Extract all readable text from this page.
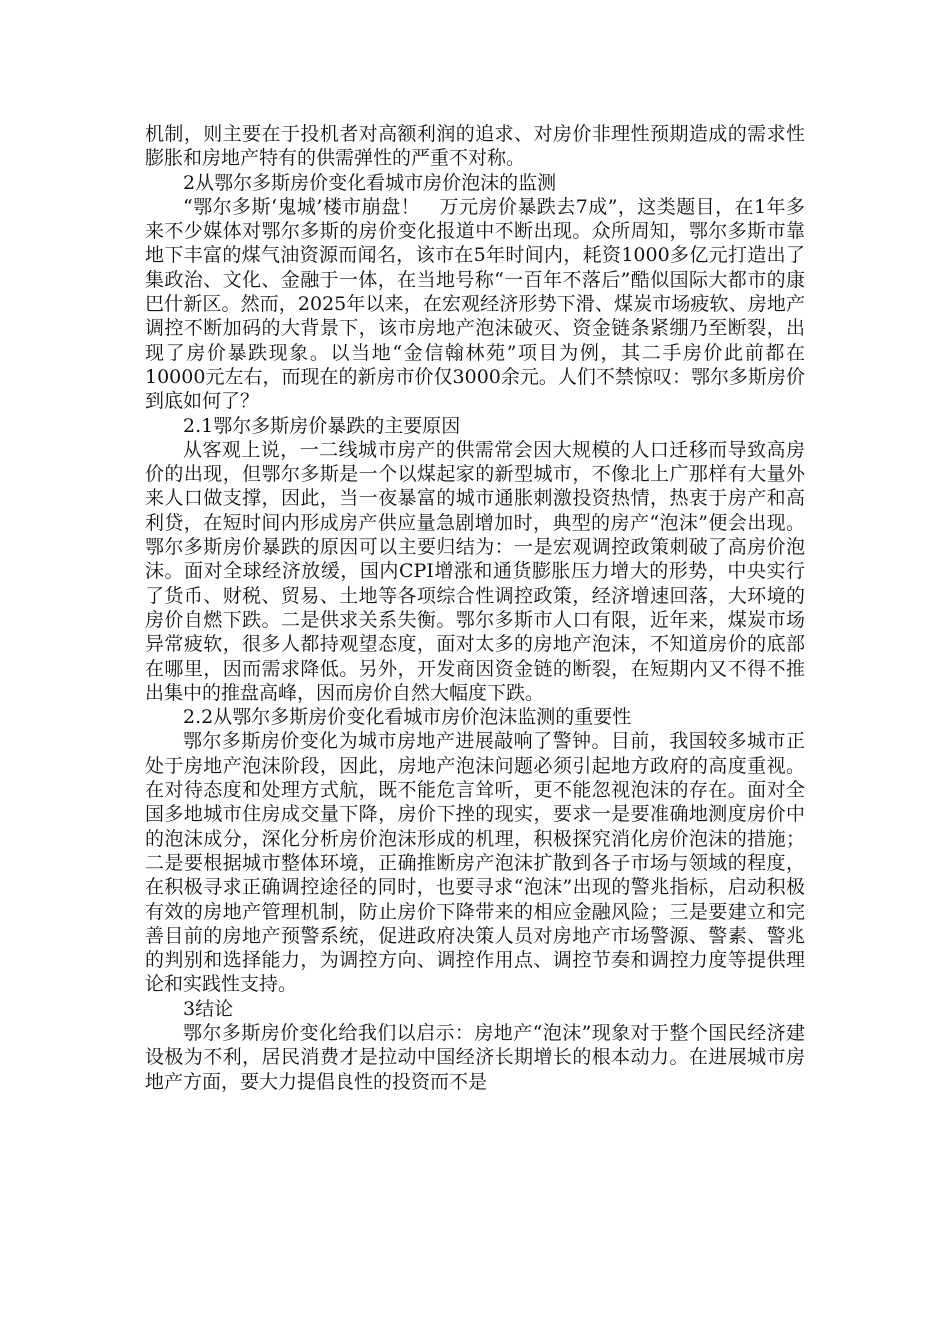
机制，则主要在于投机者对高额利润的追求、对房价非理性预期造成的需求性膨胀和房地产特有的供需弹性的严重不对称。

2从鄂尔多斯房价变化看城市房价泡沫的监测

“鄂尔多斯‘鬼城’楼市崩盘！　万元房价暴跌去7成”，这类题目，在1年多来不少媒体对鄂尔多斯的房价变化报道中不断出现。众所周知，鄂尔多斯市靠地下丰富的煤气油资源而闻名，该市在5年时间内，耗资1000多亿元打造出了集政治、文化、金融于一体，在当地号称“一百年不落后”酷似国际大都市的康巴什新区。然而，2025年以来，在宏观经济形势下滑、煤炭市场疲软、房地产调控不断加码的大背景下，该市房地产泡沫破灭、资金链条紧绷乃至断裂，出现了房价暴跌现象。以当地“金信翰林苑”项目为例，其二手房价此前都在10000元左右，而现在的新房市价仅3000余元。人们不禁惊叹：鄂尔多斯房价到底如何了？

2.1鄂尔多斯房价暴跌的主要原因

从客观上说，一二线城市房产的供需常会因大规模的人口迁移而导致高房价的出现，但鄂尔多斯是一个以煤起家的新型城市，不像北上广那样有大量外来人口做支撑，因此，当一夜暴富的城市通胀刺激投资热情，热衷于房产和高利贷，在短时间内形成房产供应量急剧增加时，典型的房产“泡沫”便会出现。鄂尔多斯房价暴跌的原因可以主要归结为：一是宏观调控政策刺破了高房价泡沫。面对全球经济放缓，国内CPI增涨和通货膨胀压力增大的形势，中央实行了货币、财税、贸易、土地等各项综合性调控政策，经济增速回落，大环境的房价自燃下跌。二是供求关系失衡。鄂尔多斯市人口有限，近年来，煤炭市场异常疲软，很多人都持观望态度，面对太多的房地产泡沫，不知道房价的底部在哪里，因而需求降低。另外，开发商因资金链的断裂，在短期内又不得不推出集中的推盘高峰，因而房价自然大幅度下跌。

2.2从鄂尔多斯房价变化看城市房价泡沫监测的重要性

鄂尔多斯房价变化为城市房地产进展敲响了警钟。目前，我国较多城市正处于房地产泡沫阶段，因此，房地产泡沫问题必须引起地方政府的高度重视。在对待态度和处理方式航，既不能危言耸听，更不能忽视泡沫的存在。面对全国多地城市住房成交量下降，房价下挫的现实，要求一是要准确地测度房价中的泡沫成分，深化分析房价泡沫形成的机理，积极探究消化房价泡沫的措施；二是要根据城市整体环境，正确推断房产泡沫扩散到各子市场与领域的程度，在积极寻求正确调控途径的同时，也要寻求“泡沫”出现的警兆指标，启动积极有效的房地产管理机制，防止房价下降带来的相应金融风险；三是要建立和完善目前的房地产预警系统，促进政府决策人员对房地产市场警源、警素、警兆的判别和选择能力，为调控方向、调控作用点、调控节奏和调控力度等提供理论和实践性支持。

3结论

鄂尔多斯房价变化给我们以启示：房地产“泡沫”现象对于整个国民经济建设极为不利，居民消费才是拉动中国经济长期增长的根本动力。在进展城市房地产方面，要大力提倡良性的投资而不是
